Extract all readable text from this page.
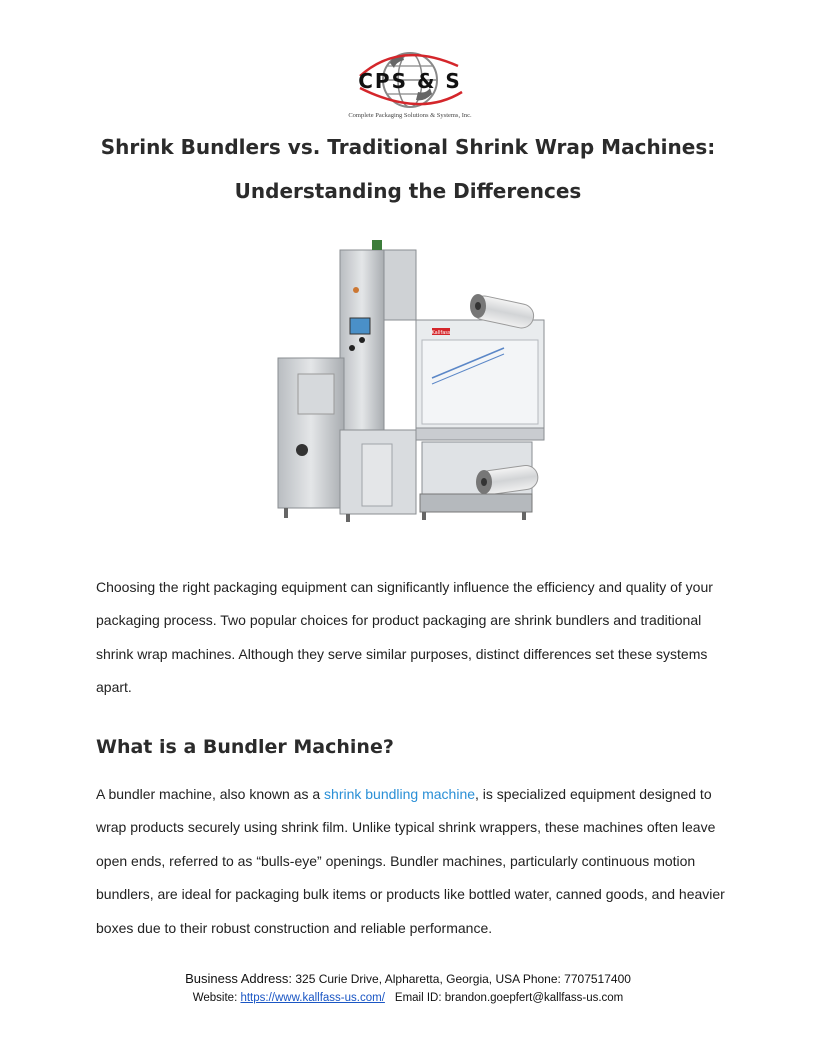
CPS & S
Complete Packaging Solutions & Systems, Inc.
Shrink Bundlers vs. Traditional Shrink Wrap Machines:
Understanding the Differences
Kallfass

Choosing the right packaging equipment can significantly influence the efficiency and quality of your packaging process. Two popular choices for product packaging are shrink bundlers and traditional shrink wrap machines. Although they serve similar purposes, distinct differences set these systems apart.

What is a Bundler Machine?

A bundler machine, also known as a shrink bundling machine, is specialized equipment designed to wrap products securely using shrink film. Unlike typical shrink wrappers, these machines often leave open ends, referred to as “bulls-eye” openings. Bundler machines, particularly continuous motion bundlers, are ideal for packaging bulk items or products like bottled water, canned goods, and heavier boxes due to their robust construction and reliable performance.

Business Address: 325 Curie Drive, Alpharetta, Georgia, USA Phone: 7707517400
Website: https://www.kallfass-us.com/ Email ID: brandon.goepfert@kallfass-us.com
